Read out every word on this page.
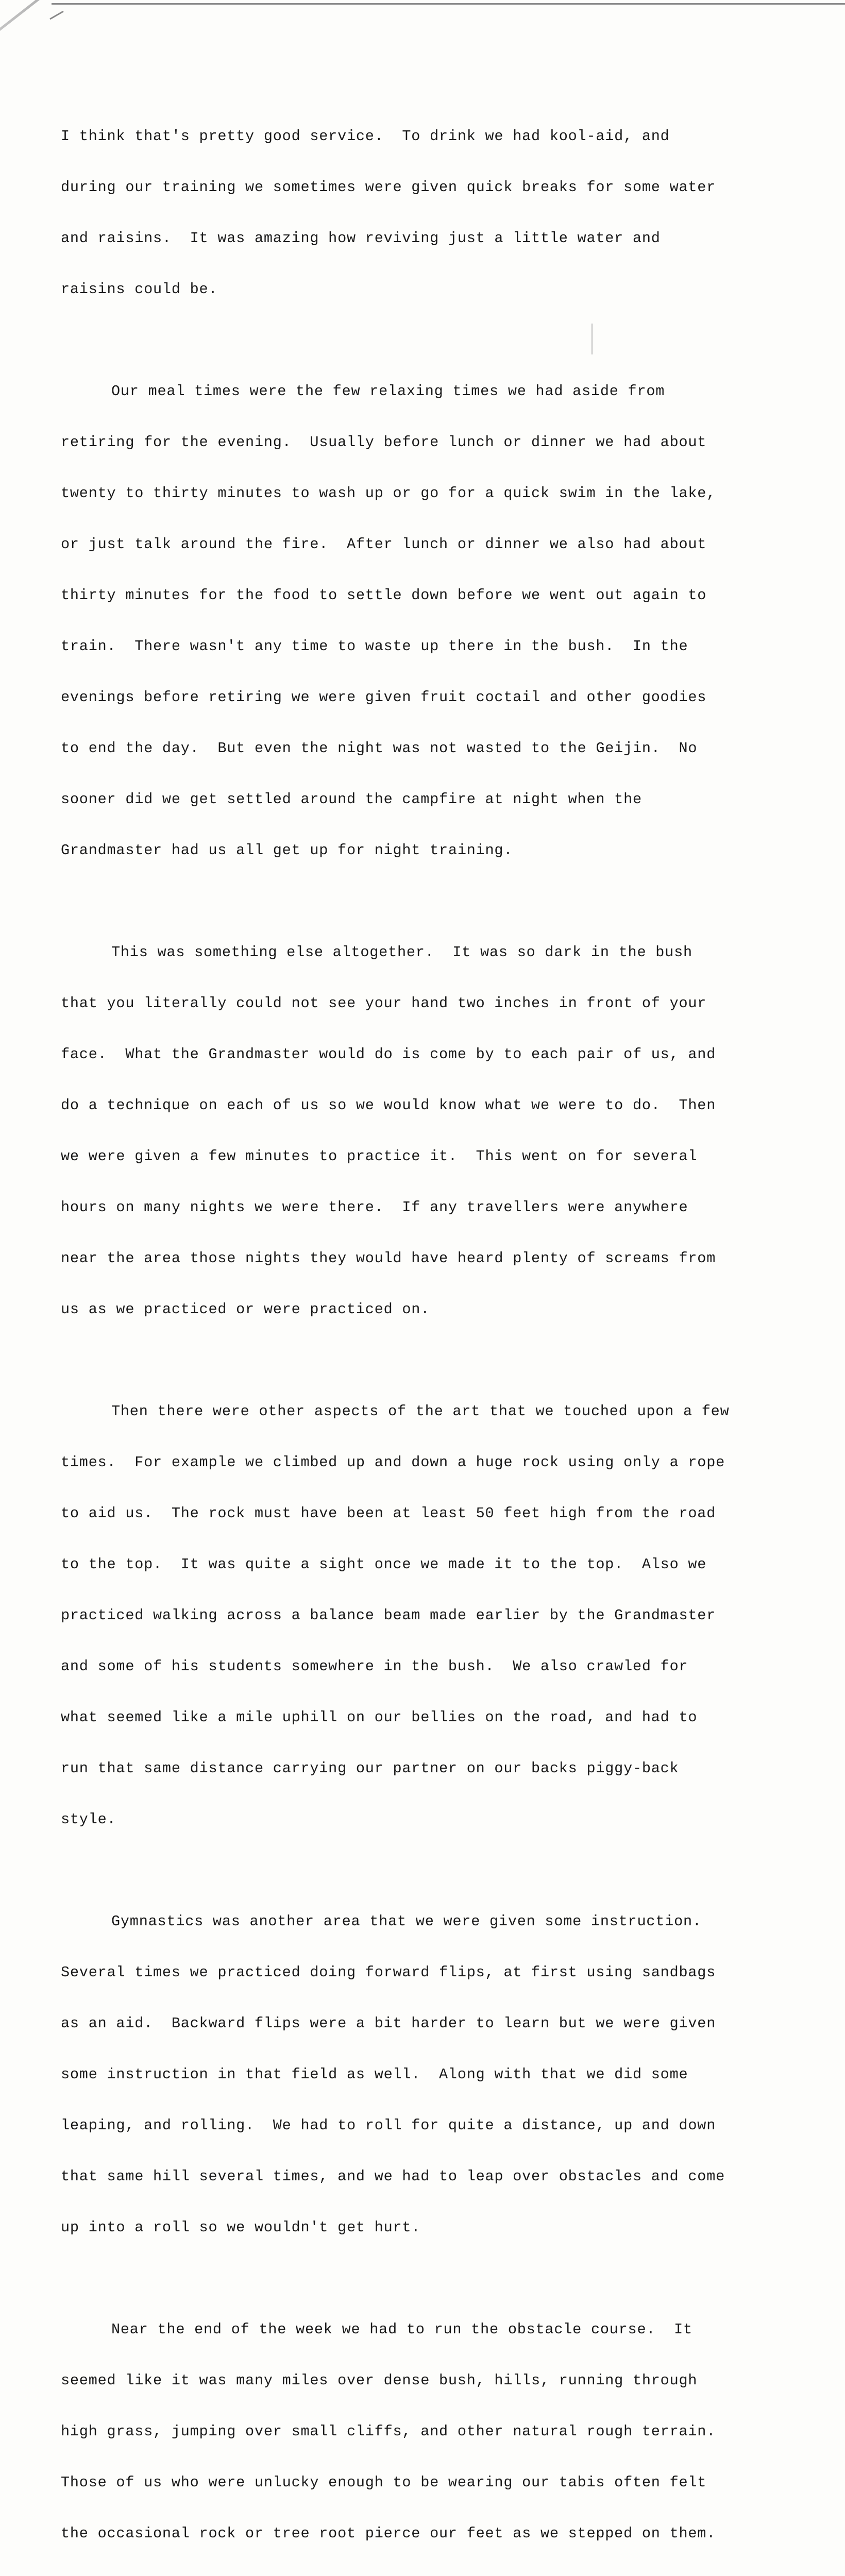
I think that's pretty good service.  To drink we had kool-aid, and

during our training we sometimes were given quick breaks for some water

and raisins.  It was amazing how reviving just a little water and

raisins could be.

Our meal times were the few relaxing times we had aside from

retiring for the evening.  Usually before lunch or dinner we had about

twenty to thirty minutes to wash up or go for a quick swim in the lake,

or just talk around the fire.  After lunch or dinner we also had about

thirty minutes for the food to settle down before we went out again to

train.  There wasn't any time to waste up there in the bush.  In the

evenings before retiring we were given fruit coctail and other goodies

to end the day.  But even the night was not wasted to the Geijin.  No

sooner did we get settled around the campfire at night when the

Grandmaster had us all get up for night training.

This was something else altogether.  It was so dark in the bush

that you literally could not see your hand two inches in front of your

face.  What the Grandmaster would do is come by to each pair of us, and

do a technique on each of us so we would know what we were to do.  Then

we were given a few minutes to practice it.  This went on for several

hours on many nights we were there.  If any travellers were anywhere

near the area those nights they would have heard plenty of screams from

us as we practiced or were practiced on.

Then there were other aspects of the art that we touched upon a few

times.  For example we climbed up and down a huge rock using only a rope

to aid us.  The rock must have been at least 50 feet high from the road

to the top.  It was quite a sight once we made it to the top.  Also we

practiced walking across a balance beam made earlier by the Grandmaster

and some of his students somewhere in the bush.  We also crawled for

what seemed like a mile uphill on our bellies on the road, and had to

run that same distance carrying our partner on our backs piggy-back

style.

Gymnastics was another area that we were given some instruction.

Several times we practiced doing forward flips, at first using sandbags

as an aid.  Backward flips were a bit harder to learn but we were given

some instruction in that field as well.  Along with that we did some

leaping, and rolling.  We had to roll for quite a distance, up and down

that same hill several times, and we had to leap over obstacles and come

up into a roll so we wouldn't get hurt.

Near the end of the week we had to run the obstacle course.  It

seemed like it was many miles over dense bush, hills, running through

high grass, jumping over small cliffs, and other natural rough terrain.

Those of us who were unlucky enough to be wearing our tabis often felt

the occasional rock or tree root pierce our feet as we stepped on them.
